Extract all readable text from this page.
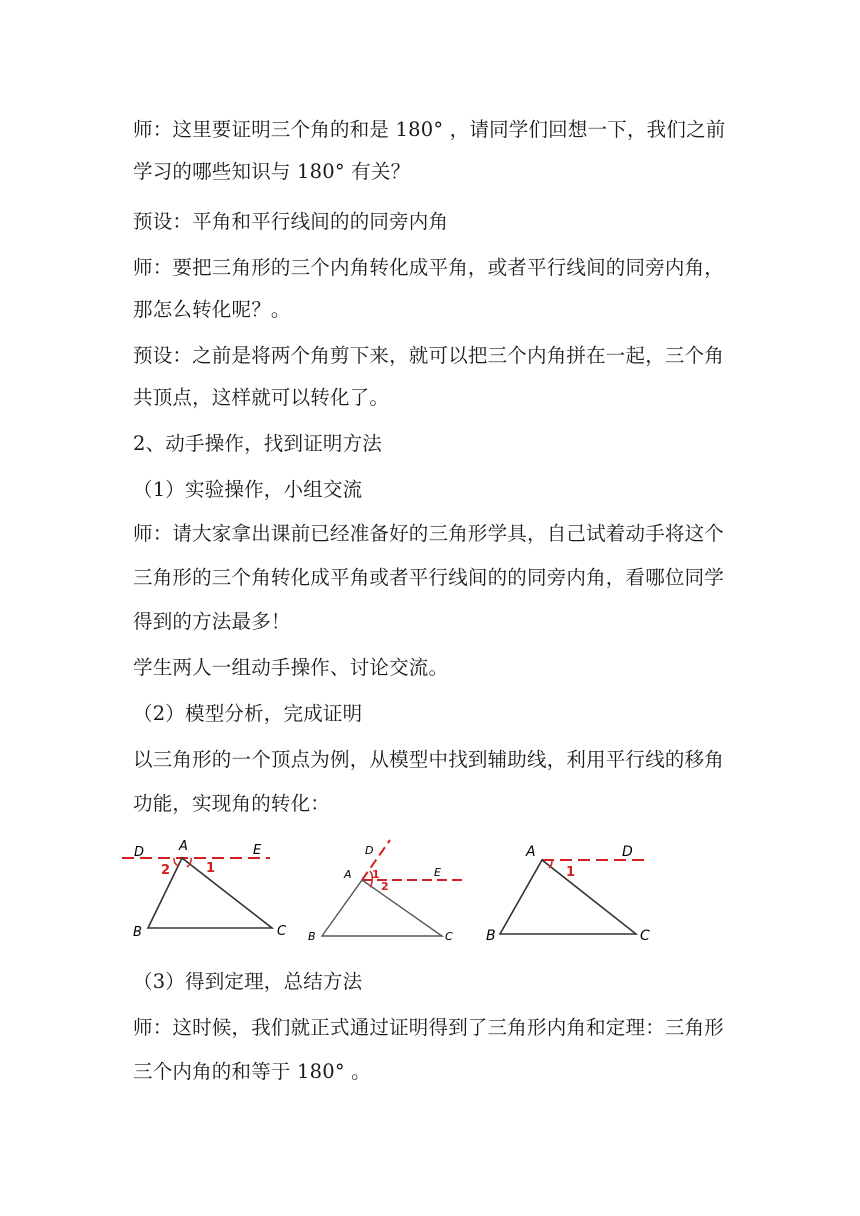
师：这里要证明三个角的和是 180° ，请同学们回想一下，我们之前
学习的哪些知识与 180° 有关？
预设：平角和平行线间的的同旁内角
师：要把三角形的三个内角转化成平角，或者平行线间的同旁内角，
那怎么转化呢？。
预设：之前是将两个角剪下来，就可以把三个内角拼在一起，三个角
共顶点，这样就可以转化了。
2、动手操作，找到证明方法
（1）实验操作，小组交流
师：请大家拿出课前已经准备好的三角形学具，自己试着动手将这个
三角形的三个角转化成平角或者平行线间的的同旁内角，看哪位同学
得到的方法最多！
学生两人一组动手操作、讨论交流。
（2）模型分析，完成证明
以三角形的一个顶点为例，从模型中找到辅助线，利用平行线的移角
功能，实现角的转化：
D	A	E
B	C
2	1
D
A	E
B	C
1
2
A	D
B	C
1
（3）得到定理，总结方法
师：这时候，我们就正式通过证明得到了三角形内角和定理：三角形
三个内角的和等于 180° 。
